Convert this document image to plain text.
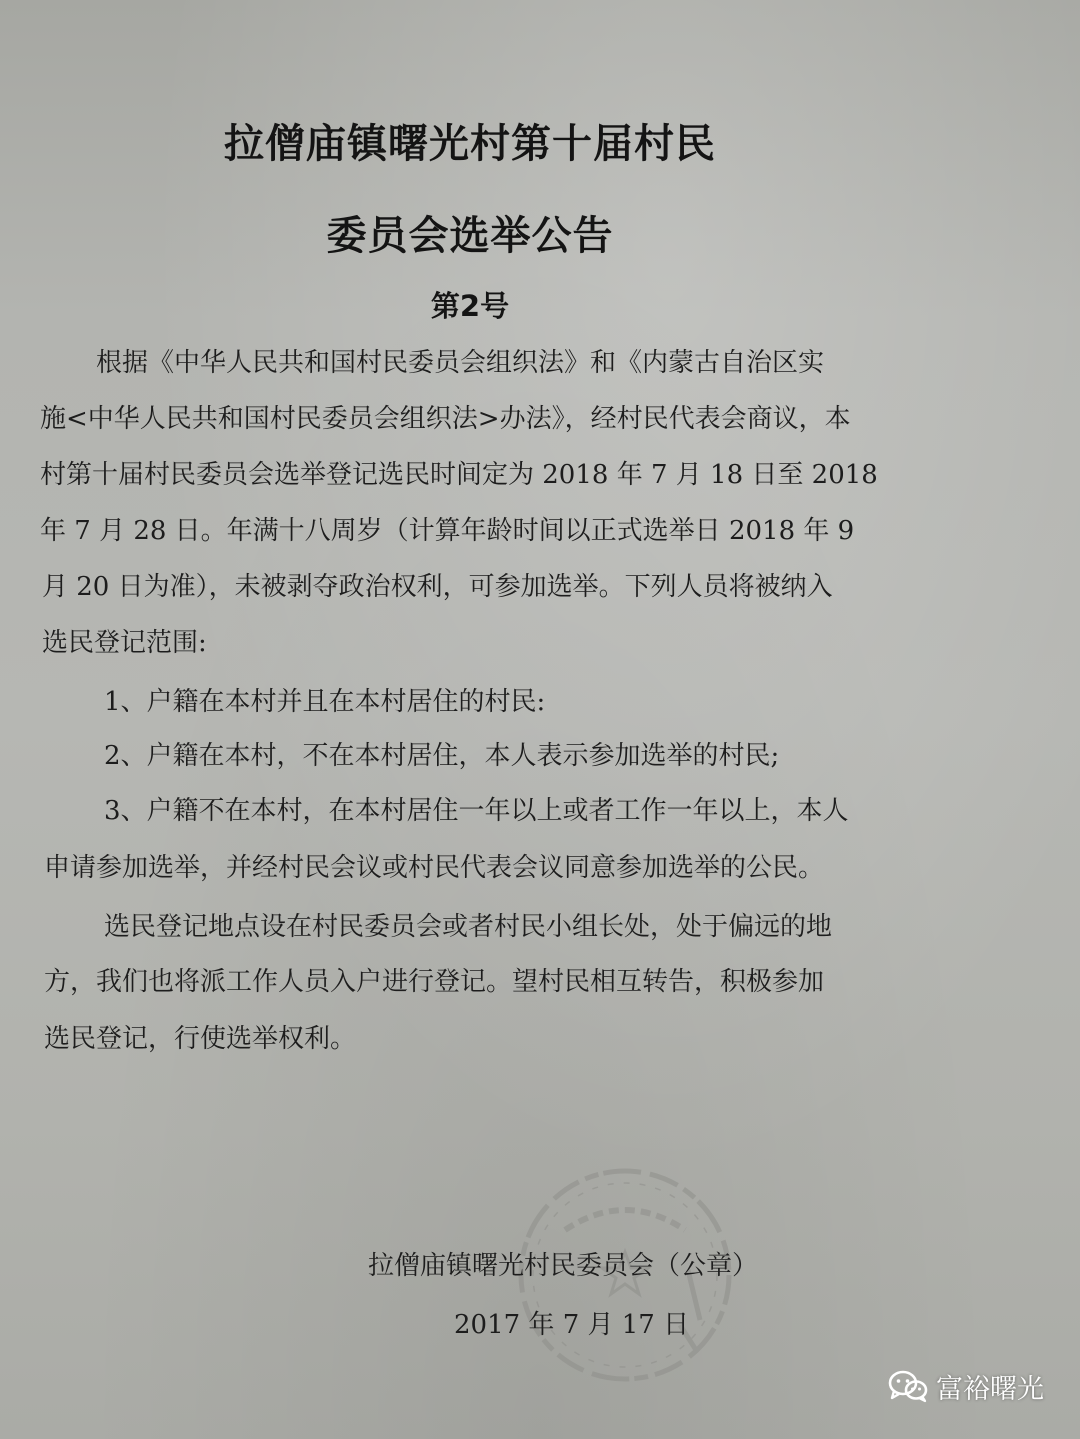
拉僧庙镇曙光村第十届村民
委员会选举公告
第2号
根据《中华人民共和国村民委员会组织法》和《内蒙古自治区实
施<中华人民共和国村民委员会组织法>办法》，经村民代表会商议，本
村第十届村民委员会选举登记选民时间定为 2018 年 7 月 18 日至 2018
年 7 月 28 日。年满十八周岁（计算年龄时间以正式选举日 2018 年 9
月 20 日为准），未被剥夺政治权利，可参加选举。下列人员将被纳入
选民登记范围:
1、户籍在本村并且在本村居住的村民:
2、户籍在本村，不在本村居住，本人表示参加选举的村民;
3、户籍不在本村，在本村居住一年以上或者工作一年以上，本人
申请参加选举，并经村民会议或村民代表会议同意参加选举的公民。
选民登记地点设在村民委员会或者村民小组长处，处于偏远的地
方，我们也将派工作人员入户进行登记。望村民相互转告，积极参加
选民登记，行使选举权利。
拉僧庙镇曙光村民委员会（公章）
2017 年 7 月 17 日
富裕曙光
